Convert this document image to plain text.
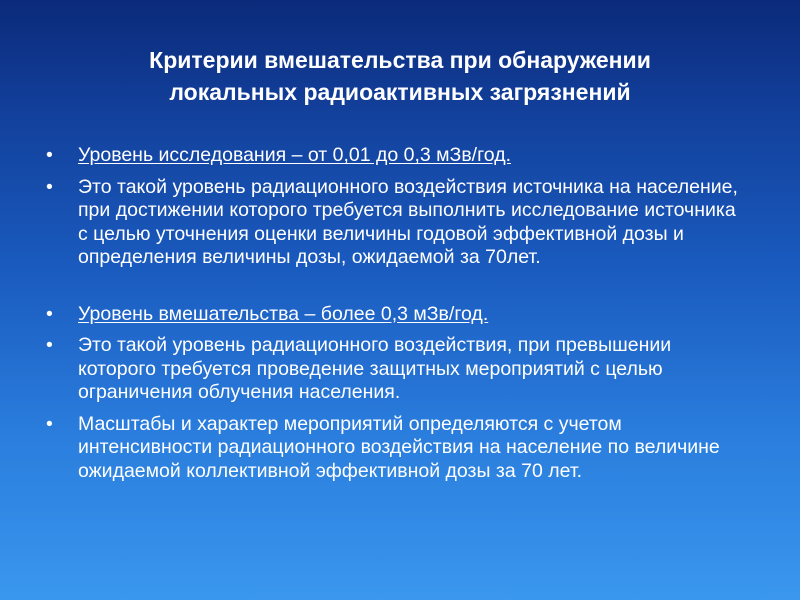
Критерии вмешательства при обнаружении
локальных радиоактивных загрязнений
•	Уровень исследования – от 0,01 до 0,3 мЗв/год.
•	Это такой уровень радиационного воздействия источника на население, при достижении которого требуется выполнить исследование источника с целью уточнения оценки величины годовой эффективной дозы и определения величины дозы, ожидаемой за 70лет.
•	Уровень вмешательства – более 0,3 мЗв/год.
•	Это такой уровень радиационного воздействия, при превышении которого требуется проведение защитных мероприятий с целью ограничения облучения населения.
•	Масштабы и характер мероприятий определяются с учетом интенсивности радиационного воздействия на население по величине ожидаемой коллективной эффективной дозы за 70 лет.
